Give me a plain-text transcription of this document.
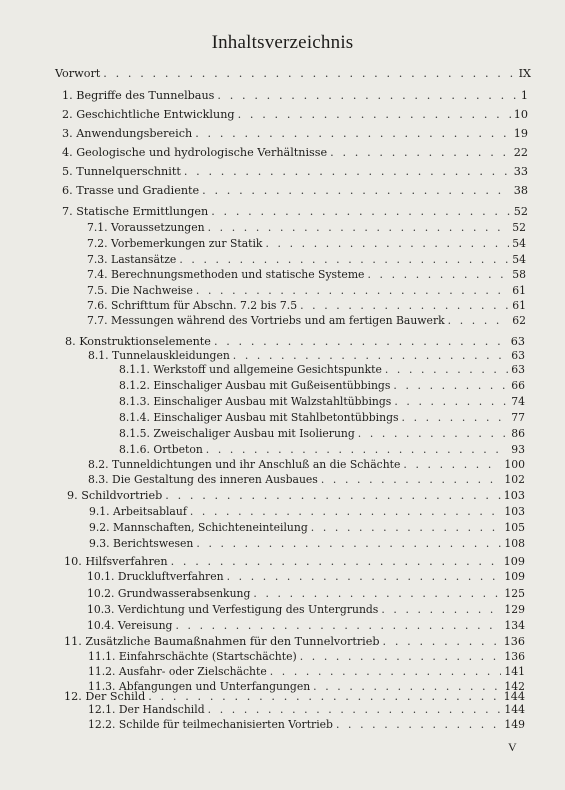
Inhaltsverzeichnis
Vorwort . . .	IX
1. Begriffe des Tunnelbaus . . .	1
2. Geschichtliche Entwicklung . . .	10
3. Anwendungsbereich . . .	19
4. Geologische und hydrologische Verhältnisse . . .	22
5. Tunnelquerschnitt . . .	33
6. Trasse und Gradiente . . .	38
7. Statische Ermittlungen . . .	52
7.1. Voraussetzungen . . .	52
7.2. Vorbemerkungen zur Statik . . .	54
7.3. Lastansätze . . .	54
7.4. Berechnungsmethoden und statische Systeme . . .	58
7.5. Die Nachweise . . .	61
7.6. Schrifttum für Abschn. 7.2 bis 7.5 . . .	61
7.7. Messungen während des Vortriebs und am fertigen Bauwerk . . .	62
8. Konstruktionselemente . . .	63
8.1. Tunnelauskleidungen . . .	63
8.1.1. Werkstoff und allgemeine Gesichtspunkte . . .	63
8.1.2. Einschaliger Ausbau mit Gußeisentübbings . . .	66
8.1.3. Einschaliger Ausbau mit Walzstahltübbings . . .	74
8.1.4. Einschaliger Ausbau mit Stahlbetontübbings . . .	77
8.1.5. Zweischaliger Ausbau mit Isolierung . . .	86
8.1.6. Ortbeton . . .	93
8.2. Tunneldichtungen und ihr Anschluß an die Schächte . . .	100
8.3. Die Gestaltung des inneren Ausbaues . . .	102
9. Schildvortrieb . . .	103
9.1. Arbeitsablauf . . .	103
9.2. Mannschaften, Schichteneinteilung . . .	105
9.3. Berichtswesen . . .	108
10. Hilfsverfahren . . .	109
10.1. Druckluftverfahren . . .	109
10.2. Grundwasserabsenkung . . .	125
10.3. Verdichtung und Verfestigung des Untergrunds . . .	129
10.4. Vereisung . . .	134
11. Zusätzliche Baumaßnahmen für den Tunnelvortrieb . . .	136
11.1. Einfahrschächte (Startschächte) . . .	136
11.2. Ausfahr- oder Zielschächte . . .	141
11.3. Abfangungen und Unterfangungen . . .	142
12. Der Schild . . .	144
12.1. Der Handschild . . .	144
12.2. Schilde für teilmechanisierten Vortrieb . . .	149
V
